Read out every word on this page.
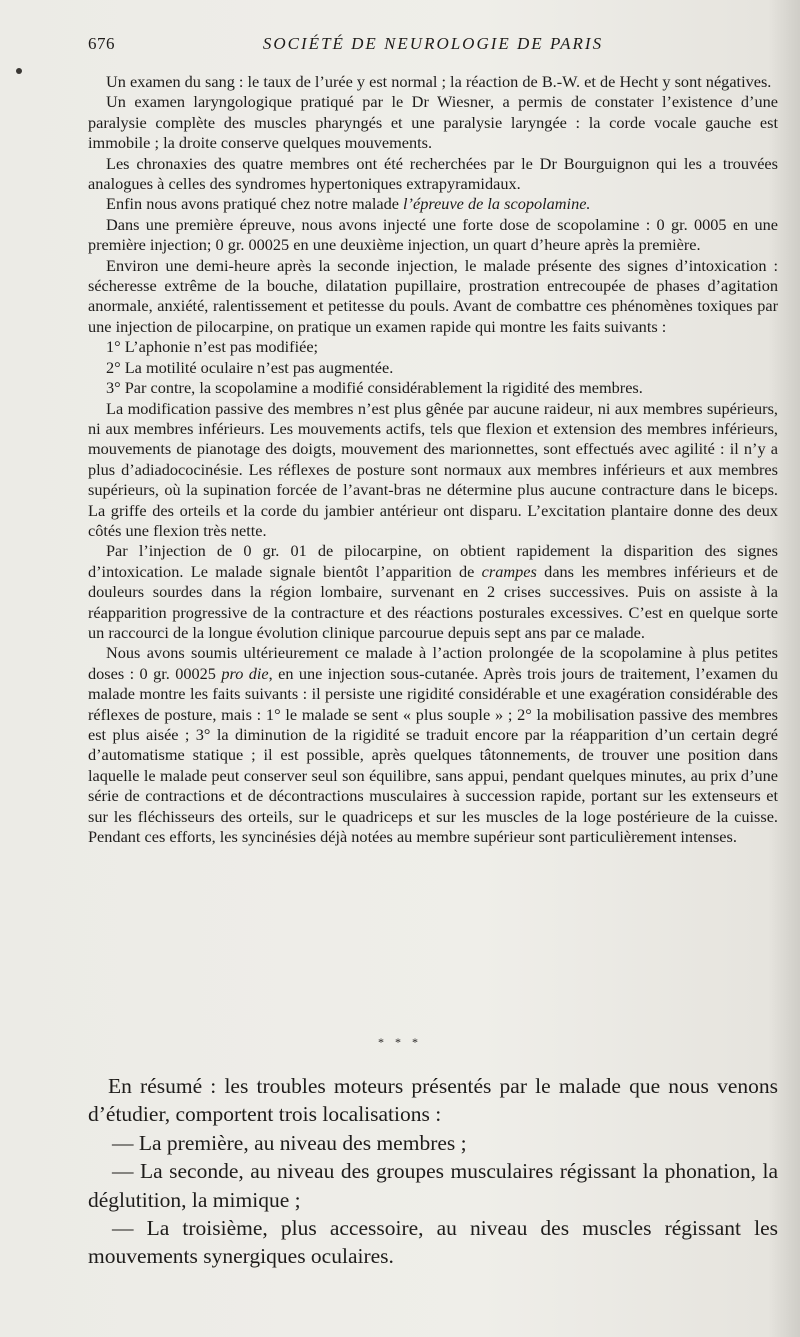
676	SOCIÉTÉ DE NEUROLOGIE DE PARIS

Un examen du sang : le taux de l’urée y est normal ; la réaction de B.-W. et de Hecht y sont négatives.

Un examen laryngologique pratiqué par le Dr Wiesner, a permis de constater l’existence d’une paralysie complète des muscles pharyngés et une paralysie laryngée : la corde vocale gauche est immobile ; la droite conserve quelques mouvements.

Les chronaxies des quatre membres ont été recherchées par le Dr Bourguignon qui les a trouvées analogues à celles des syndromes hypertoniques extrapyramidaux.

Enfin nous avons pratiqué chez notre malade l’épreuve de la scopolamine.

Dans une première épreuve, nous avons injecté une forte dose de scopolamine : 0 gr. 0005 en une première injection; 0 gr. 00025 en une deuxième injection, un quart d’heure après la première.

Environ une demi-heure après la seconde injection, le malade présente des signes d’intoxication : sécheresse extrême de la bouche, dilatation pupillaire, prostration entrecoupée de phases d’agitation anormale, anxiété, ralentissement et petitesse du pouls. Avant de combattre ces phénomènes toxiques par une injection de pilocarpine, on pratique un examen rapide qui montre les faits suivants :

1° L’aphonie n’est pas modifiée;

2° La motilité oculaire n’est pas augmentée.

3° Par contre, la scopolamine a modifié considérablement la rigidité des membres.

La modification passive des membres n’est plus gênée par aucune raideur, ni aux membres supérieurs, ni aux membres inférieurs. Les mouvements actifs, tels que flexion et extension des membres inférieurs, mouvements de pianotage des doigts, mouvement des marionnettes, sont effectués avec agilité : il n’y a plus d’adiadococinésie. Les réflexes de posture sont normaux aux membres inférieurs et aux membres supérieurs, où la supination forcée de l’avant-bras ne détermine plus aucune contracture dans le biceps. La griffe des orteils et la corde du jambier antérieur ont disparu. L’excitation plantaire donne des deux côtés une flexion très nette.

Par l’injection de 0 gr. 01 de pilocarpine, on obtient rapidement la disparition des signes d’intoxication. Le malade signale bientôt l’apparition de crampes dans les membres inférieurs et de douleurs sourdes dans la région lombaire, survenant en 2 crises successives. Puis on assiste à la réapparition progressive de la contracture et des réactions posturales excessives. C’est en quelque sorte un raccourci de la longue évolution clinique parcourue depuis sept ans par ce malade.

Nous avons soumis ultérieurement ce malade à l’action prolongée de la scopolamine à plus petites doses : 0 gr. 00025 pro die, en une injection sous-cutanée. Après trois jours de traitement, l’examen du malade montre les faits suivants : il persiste une rigidité considérable et une exagération considérable des réflexes de posture, mais : 1° le malade se sent « plus souple » ; 2° la mobilisation passive des membres est plus aisée ; 3° la diminution de la rigidité se traduit encore par la réapparition d’un certain degré d’automatisme statique ; il est possible, après quelques tâtonnements, de trouver une position dans laquelle le malade peut conserver seul son équilibre, sans appui, pendant quelques minutes, au prix d’une série de contractions et de décontractions musculaires à succession rapide, portant sur les extenseurs et sur les fléchisseurs des orteils, sur le quadriceps et sur les muscles de la loge postérieure de la cuisse. Pendant ces efforts, les syncinésies déjà notées au membre supérieur sont particulièrement intenses.

* * *

En résumé : les troubles moteurs présentés par le malade que nous venons d’étudier, comportent trois localisations :

— La première, au niveau des membres ;

— La seconde, au niveau des groupes musculaires régissant la phonation, la déglutition, la mimique ;

— La troisième, plus accessoire, au niveau des muscles régissant les mouvements synergiques oculaires.
